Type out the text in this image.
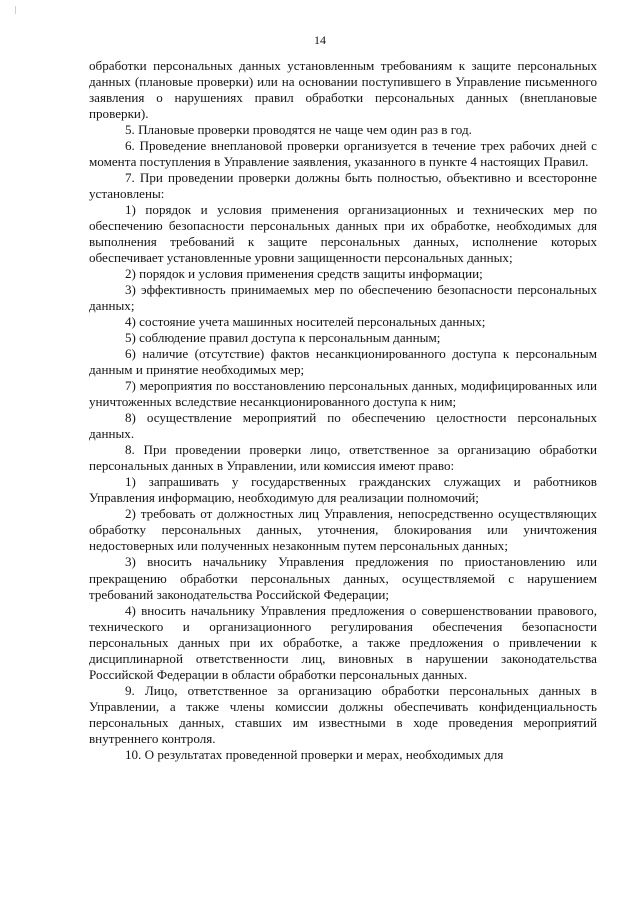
14

обработки персональных данных установленным требованиям к защите персональных данных (плановые проверки) или на основании поступившего в Управление письменного заявления о нарушениях правил обработки персональных данных (внеплановые проверки).

5. Плановые проверки проводятся не чаще чем один раз в год.

6. Проведение внеплановой проверки организуется в течение трех рабочих дней с момента поступления в Управление заявления, указанного в пункте 4 настоящих Правил.

7. При проведении проверки должны быть полностью, объективно и всесторонне установлены:

1) порядок и условия применения организационных и технических мер по обеспечению безопасности персональных данных при их обработке, необходимых для выполнения требований к защите персональных данных, исполнение которых обеспечивает установленные уровни защищенности персональных данных;

2) порядок и условия применения средств защиты информации;

3) эффективность принимаемых мер по обеспечению безопасности персональных данных;

4) состояние учета машинных носителей персональных данных;

5) соблюдение правил доступа к персональным данным;

6) наличие (отсутствие) фактов несанкционированного доступа к персональным данным и принятие необходимых мер;

7) мероприятия по восстановлению персональных данных, модифицированных или уничтоженных вследствие несанкционированного доступа к ним;

8) осуществление мероприятий по обеспечению целостности персональных данных.

8. При проведении проверки лицо, ответственное за организацию обработки персональных данных в Управлении, или комиссия имеют право:

1) запрашивать у государственных гражданских служащих и работников Управления информацию, необходимую для реализации полномочий;

2) требовать от должностных лиц Управления, непосредственно осуществляющих обработку персональных данных, уточнения, блокирования или уничтожения недостоверных или полученных незаконным путем персональных данных;

3) вносить начальнику Управления предложения по приостановлению или прекращению обработки персональных данных, осуществляемой с нарушением требований законодательства Российской Федерации;

4) вносить начальнику Управления предложения о совершенствовании правового, технического и организационного регулирования обеспечения безопасности персональных данных при их обработке, а также предложения о привлечении к дисциплинарной ответственности лиц, виновных в нарушении законодательства Российской Федерации в области обработки персональных данных.

9. Лицо, ответственное за организацию обработки персональных данных в Управлении, а также члены комиссии должны обеспечивать конфиденциальность персональных данных, ставших им известными в ходе проведения мероприятий внутреннего контроля.

10. О результатах проведенной проверки и мерах, необходимых для
